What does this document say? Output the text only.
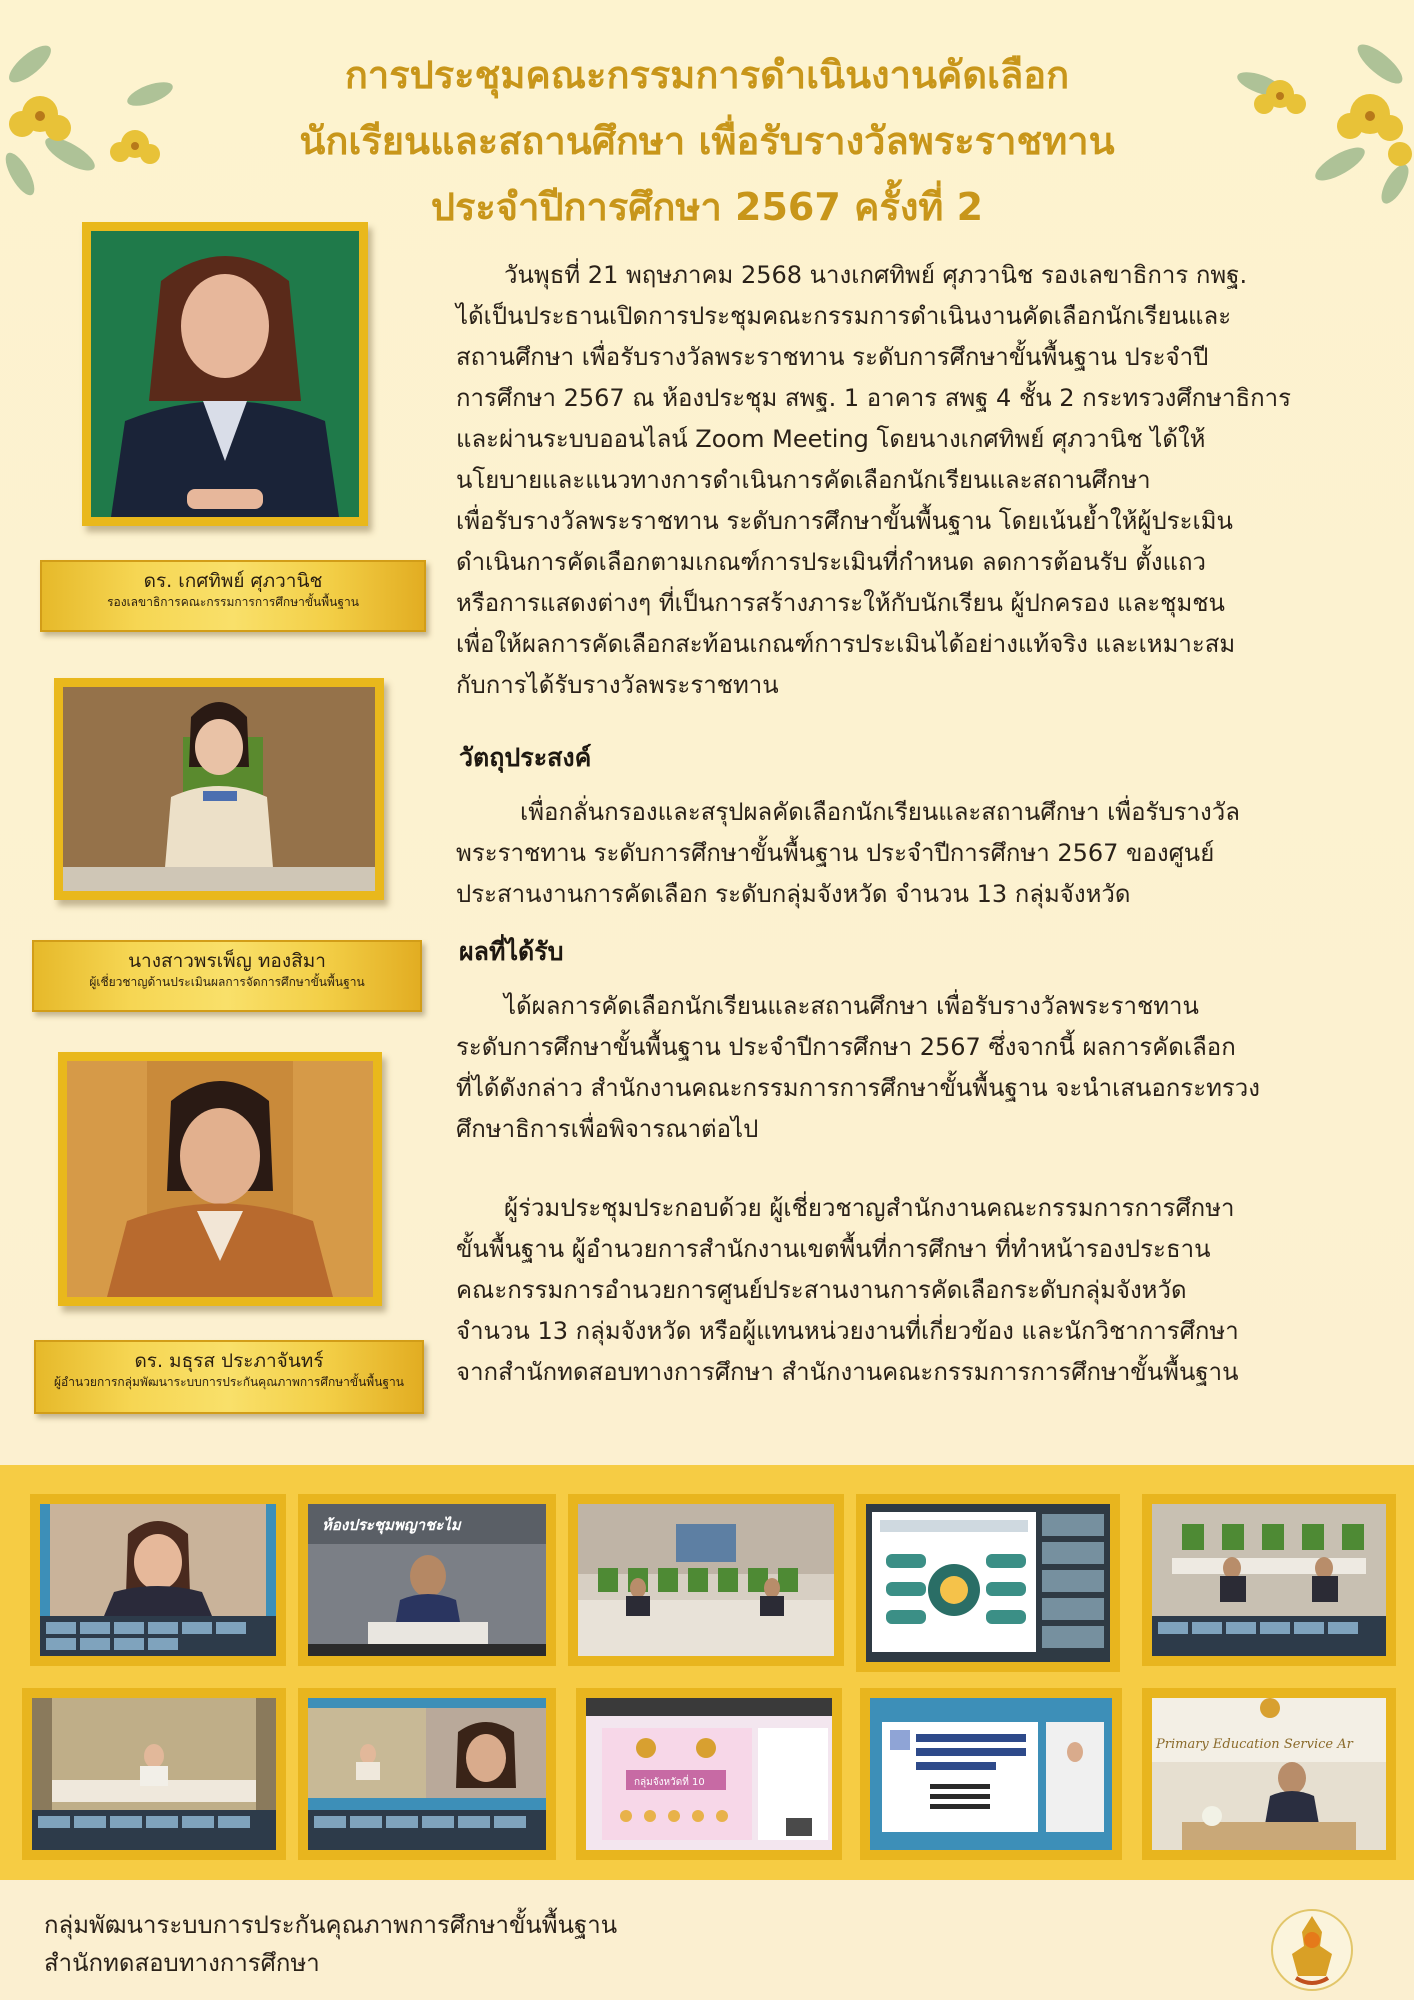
การประชุมคณะกรรมการดำเนินงานคัดเลือก
นักเรียนและสถานศึกษา เพื่อรับรางวัลพระราชทาน
ประจำปีการศึกษา 2567 ครั้งที่ 2
ดร. เกศทิพย์ ศุภวานิช
รองเลขาธิการคณะกรรมการการศึกษาขั้นพื้นฐาน
นางสาวพรเพ็ญ ทองสิมา
ผู้เชี่ยวชาญด้านประเมินผลการจัดการศึกษาขั้นพื้นฐาน
ดร. มธุรส ประภาจันทร์
ผู้อำนวยการกลุ่มพัฒนาระบบการประกันคุณภาพการศึกษาขั้นพื้นฐาน
วันพุธที่ 21 พฤษภาคม 2568 นางเกศทิพย์ ศุภวานิช รองเลขาธิการ กพฐ.
ได้เป็นประธานเปิดการประชุมคณะกรรมการดำเนินงานคัดเลือกนักเรียนและ
สถานศึกษา เพื่อรับรางวัลพระราชทาน ระดับการศึกษาขั้นพื้นฐาน ประจำปี
การศึกษา 2567 ณ ห้องประชุม สพฐ. 1 อาคาร สพฐ 4 ชั้น 2 กระทรวงศึกษาธิการ
และผ่านระบบออนไลน์ Zoom Meeting โดยนางเกศทิพย์ ศุภวานิช ได้ให้
นโยบายและแนวทางการดำเนินการคัดเลือกนักเรียนและสถานศึกษา
เพื่อรับรางวัลพระราชทาน ระดับการศึกษาขั้นพื้นฐาน โดยเน้นย้ำให้ผู้ประเมิน
ดำเนินการคัดเลือกตามเกณฑ์การประเมินที่กำหนด ลดการต้อนรับ ตั้งแถว
หรือการแสดงต่างๆ ที่เป็นการสร้างภาระให้กับนักเรียน ผู้ปกครอง และชุมชน
เพื่อให้ผลการคัดเลือกสะท้อนเกณฑ์การประเมินได้อย่างแท้จริง และเหมาะสม
กับการได้รับรางวัลพระราชทาน
วัตถุประสงค์
เพื่อกลั่นกรองและสรุปผลคัดเลือกนักเรียนและสถานศึกษา เพื่อรับรางวัล
พระราชทาน ระดับการศึกษาขั้นพื้นฐาน ประจำปีการศึกษา 2567 ของศูนย์
ประสานงานการคัดเลือก ระดับกลุ่มจังหวัด จำนวน 13 กลุ่มจังหวัด
ผลที่ได้รับ
ได้ผลการคัดเลือกนักเรียนและสถานศึกษา เพื่อรับรางวัลพระราชทาน
ระดับการศึกษาขั้นพื้นฐาน ประจำปีการศึกษา 2567 ซึ่งจากนี้ ผลการคัดเลือก
ที่ได้ดังกล่าว สำนักงานคณะกรรมการการศึกษาขั้นพื้นฐาน จะนำเสนอกระทรวง
ศึกษาธิการเพื่อพิจารณาต่อไป
ผู้ร่วมประชุมประกอบด้วย ผู้เชี่ยวชาญสำนักงานคณะกรรมการการศึกษา
ขั้นพื้นฐาน ผู้อำนวยการสำนักงานเขตพื้นที่การศึกษา ที่ทำหน้ารองประธาน
คณะกรรมการอำนวยการศูนย์ประสานงานการคัดเลือกระดับกลุ่มจังหวัด
จำนวน 13 กลุ่มจังหวัด หรือผู้แทนหน่วยงานที่เกี่ยวข้อง และนักวิชาการศึกษา
จากสำนักทดสอบทางการศึกษา สำนักงานคณะกรรมการการศึกษาขั้นพื้นฐาน
ห้องประชุมพญาชะไม
กลุ่มจังหวัดที่ 10
Primary Education Service Ar
กลุ่มพัฒนาระบบการประกันคุณภาพการศึกษาขั้นพื้นฐาน
สำนักทดสอบทางการศึกษา
